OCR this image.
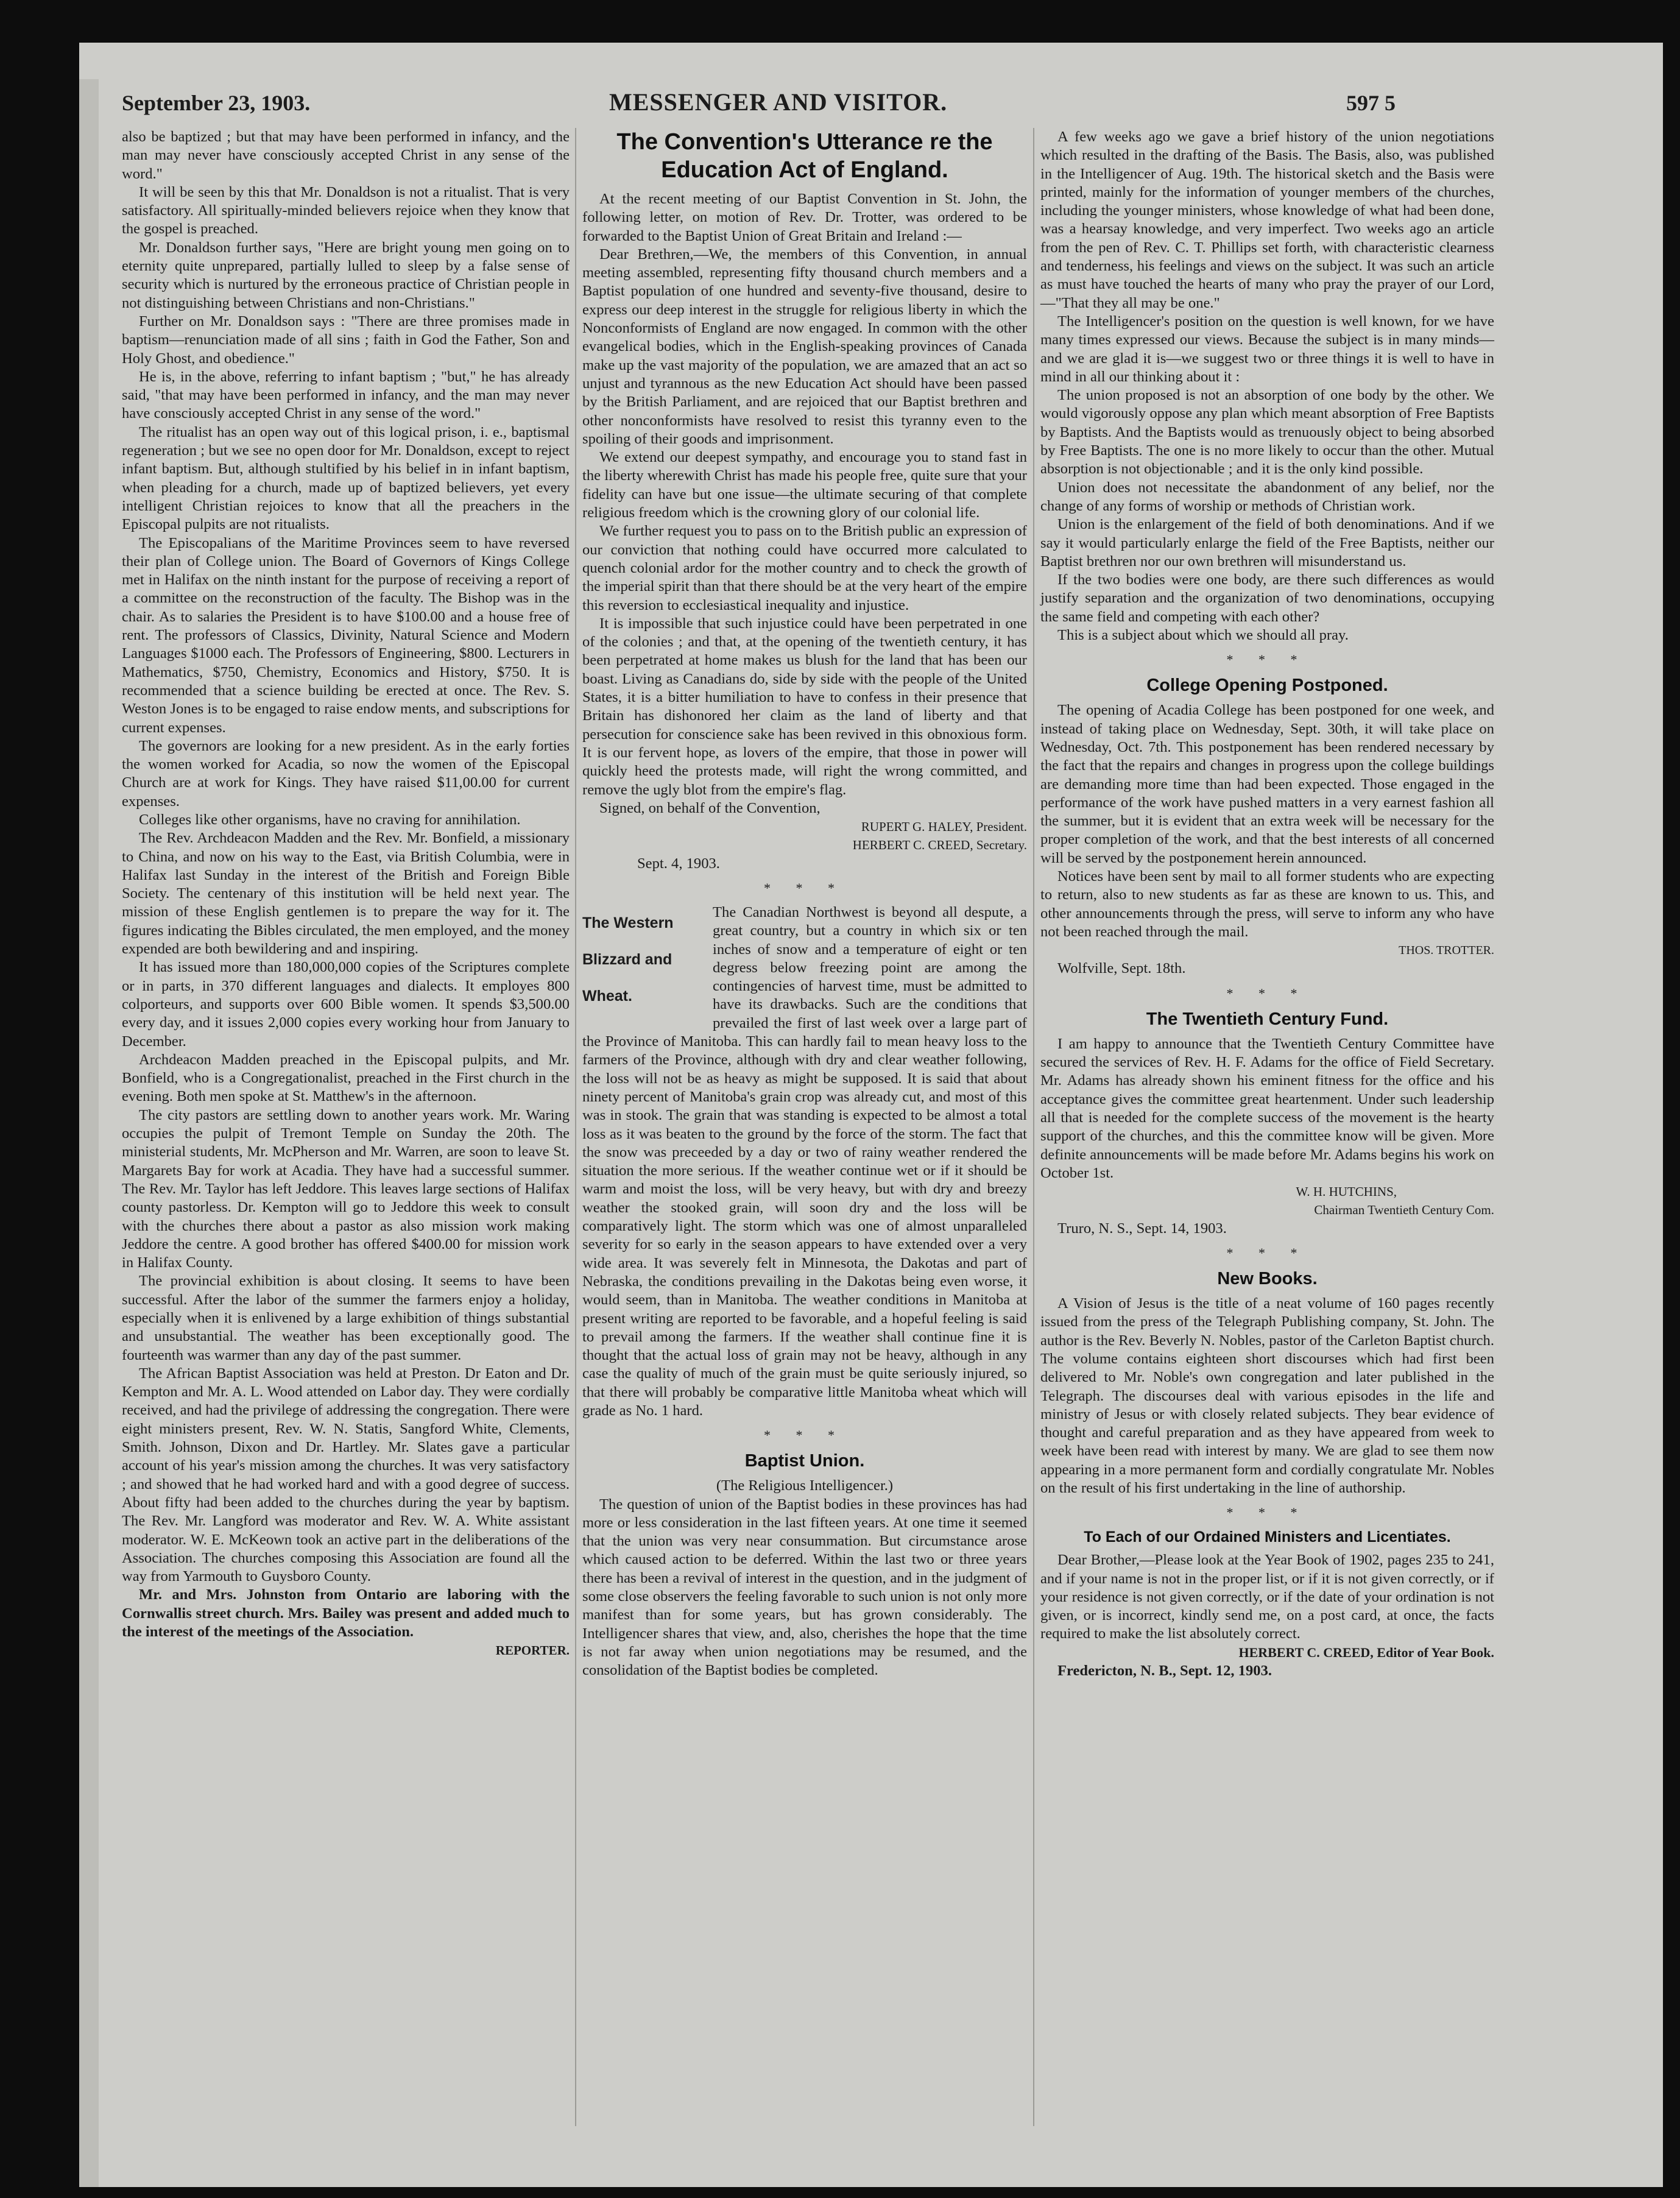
September 23, 1903.	MESSENGER AND VISITOR.	597 5

also be baptized ; but that may have been performed in infancy, and the man may never have consciously accepted Christ in any sense of the word."

It will be seen by this that Mr. Donaldson is not a ritualist. That is very satisfactory. All spiritually-minded believers rejoice when they know that the gospel is preached.

Mr. Donaldson further says, "Here are bright young men going on to eternity quite unprepared, partially lulled to sleep by a false sense of security which is nurtured by the erroneous practice of Christian people in not distinguishing between Christians and non-Christians."

Further on Mr. Donaldson says : "There are three promises made in baptism—renunciation made of all sins ; faith in God the Father, Son and Holy Ghost, and obedience."

He is, in the above, referring to infant baptism ; "but," he has already said, "that may have been performed in infancy, and the man may never have consciously accepted Christ in any sense of the word."

The ritualist has an open way out of this logical prison, i. e., baptismal regeneration ; but we see no open door for Mr. Donaldson, except to reject infant baptism. But, although stultified by his belief in in infant baptism, when pleading for a church, made up of baptized believers, yet every intelligent Christian rejoices to know that all the preachers in the Episcopal pulpits are not ritualists.

The Episcopalians of the Maritime Provinces seem to have reversed their plan of College union. The Board of Governors of Kings College met in Halifax on the ninth instant for the purpose of receiving a report of a committee on the reconstruction of the faculty. The Bishop was in the chair. As to salaries the President is to have $100.00 and a house free of rent. The professors of Classics, Divinity, Natural Science and Modern Languages $1000 each. The Professors of Engineering, $800. Lecturers in Mathematics, $750, Chemistry, Economics and History, $750. It is recommended that a science building be erected at once. The Rev. S. Weston Jones is to be engaged to raise endow ments, and subscriptions for current expenses.

The governors are looking for a new president. As in the early forties the women worked for Acadia, so now the women of the Episcopal Church are at work for Kings. They have raised $11,00.00 for current expenses.

Colleges like other organisms, have no craving for annihilation.

The Rev. Archdeacon Madden and the Rev. Mr. Bonfield, a missionary to China, and now on his way to the East, via British Columbia, were in Halifax last Sunday in the interest of the British and Foreign Bible Society. The centenary of this institution will be held next year. The mission of these English gentlemen is to prepare the way for it. The figures indicating the Bibles circulated, the men employed, and the money expended are both bewildering and and inspiring.

It has issued more than 180,000,000 copies of the Scriptures complete or in parts, in 370 different languages and dialects. It employes 800 colporteurs, and supports over 600 Bible women. It spends $3,500.00 every day, and it issues 2,000 copies every working hour from January to December.

Archdeacon Madden preached in the Episcopal pulpits, and Mr. Bonfield, who is a Congregationalist, preached in the First church in the evening. Both men spoke at St. Matthew's in the afternoon.

The city pastors are settling down to another years work. Mr. Waring occupies the pulpit of Tremont Temple on Sunday the 20th. The ministerial students, Mr. McPherson and Mr. Warren, are soon to leave St. Margarets Bay for work at Acadia. They have had a successful summer. The Rev. Mr. Taylor has left Jeddore. This leaves large sections of Halifax county pastorless. Dr. Kempton will go to Jeddore this week to consult with the churches there about a pastor as also mission work making Jeddore the centre. A good brother has offered $400.00 for mission work in Halifax County.

The provincial exhibition is about closing. It seems to have been successful. After the labor of the summer the farmers enjoy a holiday, especially when it is enlivened by a large exhibition of things substantial and unsubstantial. The weather has been exceptionally good. The fourteenth was warmer than any day of the past summer.

The African Baptist Association was held at Preston. Dr Eaton and Dr. Kempton and Mr. A. L. Wood attended on Labor day. They were cordially received, and had the privilege of addressing the congregation. There were eight ministers present, Rev. W. N. Statis, Sangford White, Clements, Smith. Johnson, Dixon and Dr. Hartley. Mr. Slates gave a particular account of his year's mission among the churches. It was very satisfactory ; and showed that he had worked hard and with a good degree of success. About fifty had been added to the churches during the year by baptism. The Rev. Mr. Langford was moderator and Rev. W. A. White assistant moderator. W. E. McKeown took an active part in the deliberations of the Association. The churches composing this Association are found all the way from Yarmouth to Guysboro County.

Mr. and Mrs. Johnston from Ontario are laboring with the Cornwallis street church. Mrs. Bailey was present and added much to the interest of the meetings of the Association.

REPORTER.

The Convention's Utterance re the Education Act of England.

At the recent meeting of our Baptist Convention in St. John, the following letter, on motion of Rev. Dr. Trotter, was ordered to be forwarded to the Baptist Union of Great Britain and Ireland :—

Dear Brethren,—We, the members of this Convention, in annual meeting assembled, representing fifty thousand church members and a Baptist population of one hundred and seventy-five thousand, desire to express our deep interest in the struggle for religious liberty in which the Nonconformists of England are now engaged. In common with the other evangelical bodies, which in the English-speaking provinces of Canada make up the vast majority of the population, we are amazed that an act so unjust and tyrannous as the new Education Act should have been passed by the British Parliament, and are rejoiced that our Baptist brethren and other nonconformists have resolved to resist this tyranny even to the spoiling of their goods and imprisonment.

We extend our deepest sympathy, and encourage you to stand fast in the liberty wherewith Christ has made his people free, quite sure that your fidelity can have but one issue—the ultimate securing of that complete religious freedom which is the crowning glory of our colonial life.

We further request you to pass on to the British public an expression of our conviction that nothing could have occurred more calculated to quench colonial ardor for the mother country and to check the growth of the imperial spirit than that there should be at the very heart of the empire this reversion to ecclesiastical inequality and injustice.

It is impossible that such injustice could have been perpetrated in one of the colonies ; and that, at the opening of the twentieth century, it has been perpetrated at home makes us blush for the land that has been our boast. Living as Canadians do, side by side with the people of the United States, it is a bitter humiliation to have to confess in their presence that Britain has dishonored her claim as the land of liberty and that persecution for conscience sake has been revived in this obnoxious form. It is our fervent hope, as lovers of the empire, that those in power will quickly heed the protests made, will right the wrong committed, and remove the ugly blot from the empire's flag.

Signed, on behalf of the Convention,

RUPERT G. HALEY, President.

HERBERT C. CREED, Secretary.

Sept. 4, 1903.

* * *

The Western Blizzard and Wheat.
The Canadian Northwest is beyond all despute, a great country, but a country in which six or ten inches of snow and a temperature of eight or ten degress below freezing point are among the contingencies of harvest time, must be admitted to have its drawbacks. Such are the conditions that prevailed the first of last week over a large part of the Province of Manitoba. This can hardly fail to mean heavy loss to the farmers of the Province, although with dry and clear weather following, the loss will not be as heavy as might be supposed. It is said that about ninety percent of Manitoba's grain crop was already cut, and most of this was in stook. The grain that was standing is expected to be almost a total loss as it was beaten to the ground by the force of the storm. The fact that the snow was preceeded by a day or two of rainy weather rendered the situation the more serious. If the weather continue wet or if it should be warm and moist the loss, will be very heavy, but with dry and breezy weather the stooked grain, will soon dry and the loss will be comparatively light. The storm which was one of almost unparalleled severity for so early in the season appears to have extended over a very wide area. It was severely felt in Minnesota, the Dakotas and part of Nebraska, the conditions prevailing in the Dakotas being even worse, it would seem, than in Manitoba. The weather conditions in Manitoba at present writing are reported to be favorable, and a hopeful feeling is said to prevail among the farmers. If the weather shall continue fine it is thought that the actual loss of grain may not be heavy, although in any case the quality of much of the grain must be quite seriously injured, so that there will probably be comparative little Manitoba wheat which will grade as No. 1 hard.

* * *

Baptist Union.

(The Religious Intelligencer.)

The question of union of the Baptist bodies in these provinces has had more or less consideration in the last fifteen years. At one time it seemed that the union was very near consummation. But circumstance arose which caused action to be deferred. Within the last two or three years there has been a revival of interest in the question, and in the judgment of some close observers the feeling favorable to such union is not only more manifest than for some years, but has grown considerably. The Intelligencer shares that view, and, also, cherishes the hope that the time is not far away when union negotiations may be resumed, and the consolidation of the Baptist bodies be completed.

A few weeks ago we gave a brief history of the union negotiations which resulted in the drafting of the Basis. The Basis, also, was published in the Intelligencer of Aug. 19th. The historical sketch and the Basis were printed, mainly for the information of younger members of the churches, including the younger ministers, whose knowledge of what had been done, was a hearsay knowledge, and very imperfect. Two weeks ago an article from the pen of Rev. C. T. Phillips set forth, with characteristic clearness and tenderness, his feelings and views on the subject. It was such an article as must have touched the hearts of many who pray the prayer of our Lord,—"That they all may be one."

The Intelligencer's position on the question is well known, for we have many times expressed our views. Because the subject is in many minds—and we are glad it is—we suggest two or three things it is well to have in mind in all our thinking about it :

The union proposed is not an absorption of one body by the other. We would vigorously oppose any plan which meant absorption of Free Baptists by Baptists. And the Baptists would as trenuously object to being absorbed by Free Baptists. The one is no more likely to occur than the other. Mutual absorption is not objectionable ; and it is the only kind possible.

Union does not necessitate the abandonment of any belief, nor the change of any forms of worship or methods of Christian work.

Union is the enlargement of the field of both denominations. And if we say it would particularly enlarge the field of the Free Baptists, neither our Baptist brethren nor our own brethren will misunderstand us.

If the two bodies were one body, are there such differences as would justify separation and the organization of two denominations, occupying the same field and competing with each other?

This is a subject about which we should all pray.

* * *

College Opening Postponed.

The opening of Acadia College has been postponed for one week, and instead of taking place on Wednesday, Sept. 30th, it will take place on Wednesday, Oct. 7th. This postponement has been rendered necessary by the fact that the repairs and changes in progress upon the college buildings are demanding more time than had been expected. Those engaged in the performance of the work have pushed matters in a very earnest fashion all the summer, but it is evident that an extra week will be necessary for the proper completion of the work, and that the best interests of all concerned will be served by the postponement herein announced.

Notices have been sent by mail to all former students who are expecting to return, also to new students as far as these are known to us. This, and other announcements through the press, will serve to inform any who have not been reached through the mail.

THOS. TROTTER.

Wolfville, Sept. 18th.

* * *

The Twentieth Century Fund.

I am happy to announce that the Twentieth Century Committee have secured the services of Rev. H. F. Adams for the office of Field Secretary. Mr. Adams has already shown his eminent fitness for the office and his acceptance gives the committee great heartenment. Under such leadership all that is needed for the complete success of the movement is the hearty support of the churches, and this the committee know will be given. More definite announcements will be made before Mr. Adams begins his work on October 1st.

W. H. HUTCHINS,

Chairman Twentieth Century Com.

Truro, N. S., Sept. 14, 1903.

* * *

New Books.

A Vision of Jesus is the title of a neat volume of 160 pages recently issued from the press of the Telegraph Publishing company, St. John. The author is the Rev. Beverly N. Nobles, pastor of the Carleton Baptist church. The volume contains eighteen short discourses which had first been delivered to Mr. Noble's own congregation and later published in the Telegraph. The discourses deal with various episodes in the life and ministry of Jesus or with closely related subjects. They bear evidence of thought and careful preparation and as they have appeared from week to week have been read with interest by many. We are glad to see them now appearing in a more permanent form and cordially congratulate Mr. Nobles on the result of his first undertaking in the line of authorship.

* * *

To Each of our Ordained Ministers and Licentiates.

Dear Brother,—Please look at the Year Book of 1902, pages 235 to 241, and if your name is not in the proper list, or if it is not given correctly, or if your residence is not given correctly, or if the date of your ordination is not given, or is incorrect, kindly send me, on a post card, at once, the facts required to make the list absolutely correct.

HERBERT C. CREED, Editor of Year Book.

Fredericton, N. B., Sept. 12, 1903.
